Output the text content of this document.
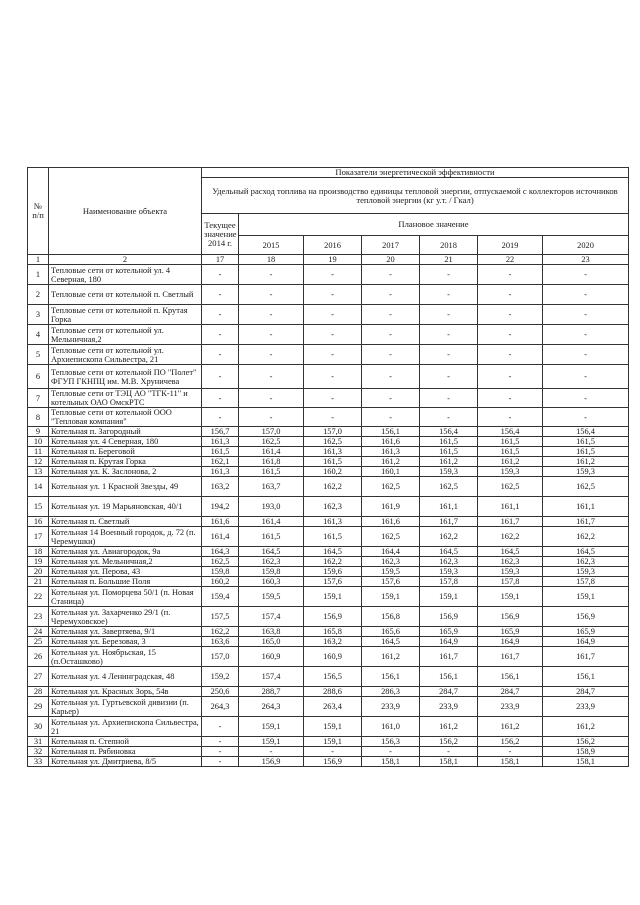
№ п/п	Наименование объекта	Показатели энергетической эффективности						
		Удельный расход топлива на производство единицы тепловой энергии, отпускаемой с коллекторов источников тепловой энергии (кг у.т. / Гкал)						
		Текущее значение 2014 г.	Плановое значение					
			2015	2016	2017	2018	2019	2020
1	2	17	18	19	20	21	22	23
1	Тепловые сети от котельной ул. 4 Северная, 180	-	-	-	-	-	-	-
2	Тепловые сети от котельной п. Светлый	-	-	-	-	-	-	-
3	Тепловые сети от котельной п. Крутая Горка	-	-	-	-	-	-	-
4	Тепловые сети от котельной ул. Мельничная,2	-	-	-	-	-	-	-
5	Тепловые сети от котельной ул. Архиепископа Сильвестра, 21	-	-	-	-	-	-	-
6	Тепловые сети от котельной ПО "Полет" ФГУП ГКНПЦ им. М.В. Хруничева	-	-	-	-	-	-	-
7	Тепловые сети от ТЭЦ АО "ТГК-11" и котельных ОАО ОмскРТС	-	-	-	-	-	-	-
8	Тепловые сети от котельной ООО "Тепловая компания"	-	-	-	-	-	-	-
9	Котельная п. Загородный	156,7	157,0	157,0	156,1	156,4	156,4	156,4
10	Котельная ул. 4 Северная, 180	161,3	162,5	162,5	161,6	161,5	161,5	161,5
11	Котельная п. Береговой	161,5	161,4	161,3	161,3	161,5	161,5	161,5
12	Котельная п. Крутая Горка	162,1	161,8	161,5	161,2	161,2	161,2	161,2
13	Котельная ул. К. Заслонова, 2	161,3	161,5	160,2	160,1	159,3	159,3	159,3
14	Котельная ул. 1 Красной Звезды, 49	163,2	163,7	162,2	162,5	162,5	162,5	162,5
15	Котельная ул. 19 Марьяновская, 40/1	194,2	193,0	162,3	161,9	161,1	161,1	161,1
16	Котельная п. Светлый	161,6	161,4	161,3	161,6	161,7	161,7	161,7
17	Котельная 14 Военный городок, д. 72 (п. Черемушки)	161,4	161,5	161,5	162,5	162,2	162,2	162,2
18	Котельная ул. Авиагородок, 9а	164,3	164,5	164,5	164,4	164,5	164,5	164,5
19	Котельная ул. Мельничная,2	162,5	162,3	162,2	162,3	162,3	162,3	162,3
20	Котельная ул. Перова, 43	159,8	159,8	159,6	159,5	159,3	159,3	159,3
21	Котельная п. Большие Поля	160,2	160,3	157,6	157,6	157,8	157,8	157,8
22	Котельная ул. Поморцева 50/1 (п. Новая Станица)	159,4	159,5	159,1	159,1	159,1	159,1	159,1
23	Котельная ул. Захарченко 29/1 (п. Черемуховское)	157,5	157,4	156,9	156,8	156,9	156,9	156,9
24	Котельная ул. Завертяева, 9/1	162,2	163,8	165,8	165,6	165,9	165,9	165,9
25	Котельная ул. Березовая, 3	163,6	165,0	163,2	164,5	164,9	164,9	164,9
26	Котельная ул. Ноябрьская, 15 (п.Осташково)	157,0	160,9	160,9	161,2	161,7	161,7	161,7
27	Котельная ул. 4 Ленинградская, 48	159,2	157,4	156,5	156,1	156,1	156,1	156,1
28	Котельная ул. Красных Зорь, 54в	250,6	288,7	288,6	286,3	284,7	284,7	284,7
29	Котельная ул. Гуртьевской дивизии (п. Карьер)	264,3	264,3	263,4	233,9	233,9	233,9	233,9
30	Котельная ул. Архиепископа Сильвестра, 21	-	159,1	159,1	161,0	161,2	161,2	161,2
31	Котельная п. Степной	-	159,1	159,1	156,3	156,2	156,2	156,2
32	Котельная п. Рябиновка	-	-	-	-	-	-	158,9
33	Котельная ул. Дмитриева, 8/5	-	156,9	156,9	158,1	158,1	158,1	158,1
